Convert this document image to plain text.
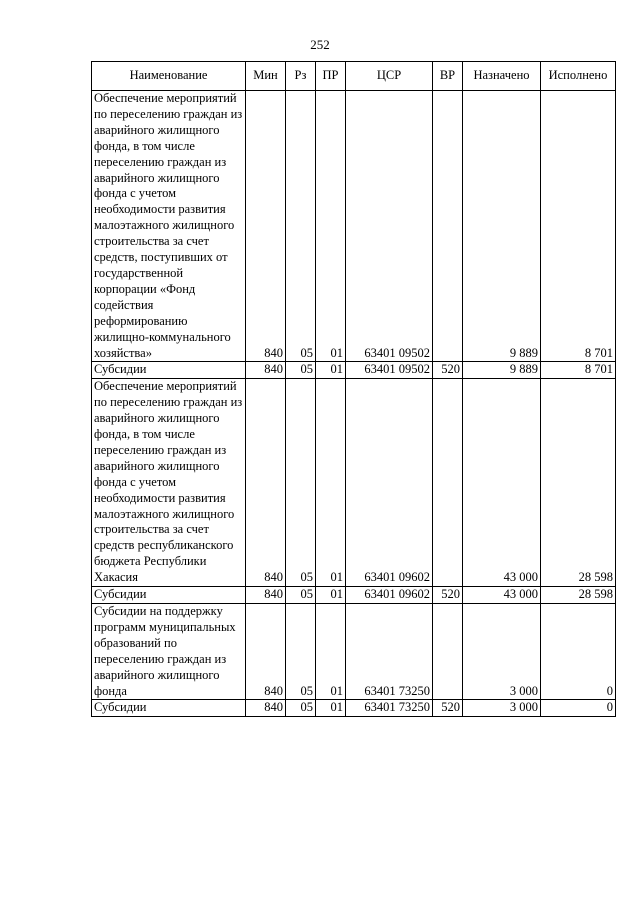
252
Наименование	Мин	Рз	ПР	ЦСР	ВР	Назначено	Исполнено
Обеспечение мероприятий по переселению граждан из аварийного жилищного фонда, в том числе переселению граждан из аварийного жилищного фонда с учетом необходимости развития малоэтажного жилищного строительства за счет средств, поступивших от государственной корпорации «Фонд содействия реформированию жилищно-коммунального хозяйства»	840	05	01	63401 09502		9 889	8 701
Субсидии	840	05	01	63401 09502	520	9 889	8 701
Обеспечение мероприятий по переселению граждан из аварийного жилищного фонда, в том числе переселению граждан из аварийного жилищного фонда с учетом необходимости развития малоэтажного жилищного строительства за счет средств республиканского бюджета Республики Хакасия	840	05	01	63401 09602		43 000	28 598
Субсидии	840	05	01	63401 09602	520	43 000	28 598
Субсидии на поддержку программ муниципальных образований по переселению граждан из аварийного жилищного фонда	840	05	01	63401 73250		3 000	0
Субсидии	840	05	01	63401 73250	520	3 000	0
